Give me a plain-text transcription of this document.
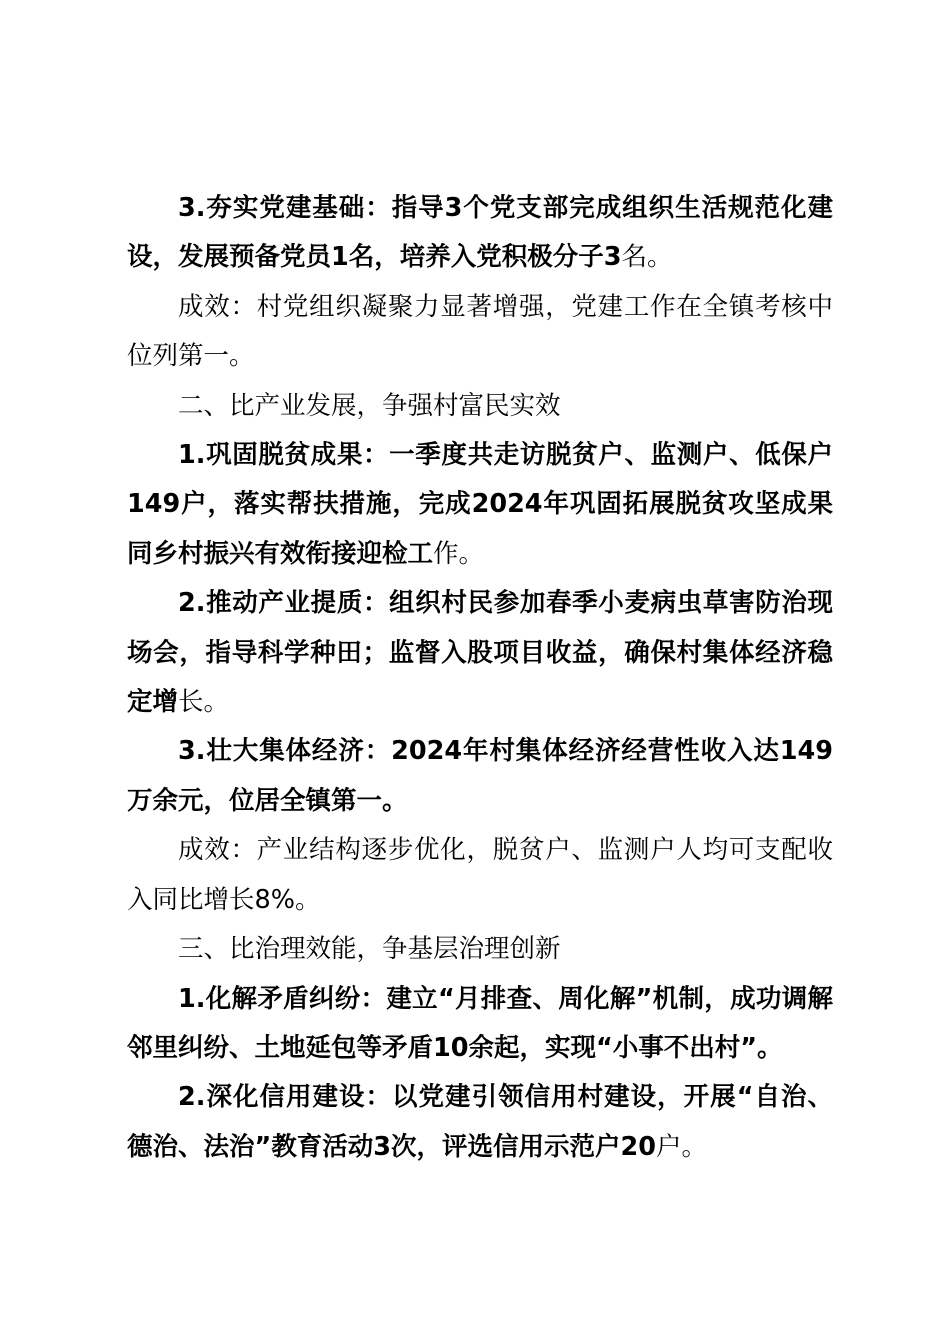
3.夯实党建基础：指导3个党支部完成组织生活规范化建设，发展预备党员1名，培养入党积极分子3名。

成效：村党组织凝聚力显著增强，党建工作在全镇考核中位列第一。

二、比产业发展，争强村富民实效

1.巩固脱贫成果：一季度共走访脱贫户、监测户、低保户149户，落实帮扶措施，完成2024年巩固拓展脱贫攻坚成果同乡村振兴有效衔接迎检工作。

2.推动产业提质：组织村民参加春季小麦病虫草害防治现场会，指导科学种田；监督入股项目收益，确保村集体经济稳定增长。

3.壮大集体经济：2024年村集体经济经营性收入达149万余元，位居全镇第一。

成效：产业结构逐步优化，脱贫户、监测户人均可支配收入同比增长8%。

三、比治理效能，争基层治理创新

1.化解矛盾纠纷：建立“月排查、周化解”机制，成功调解邻里纠纷、土地延包等矛盾10余起，实现“小事不出村”。

2.深化信用建设：以党建引领信用村建设，开展“自治、德治、法治”教育活动3次，评选信用示范户20户。
